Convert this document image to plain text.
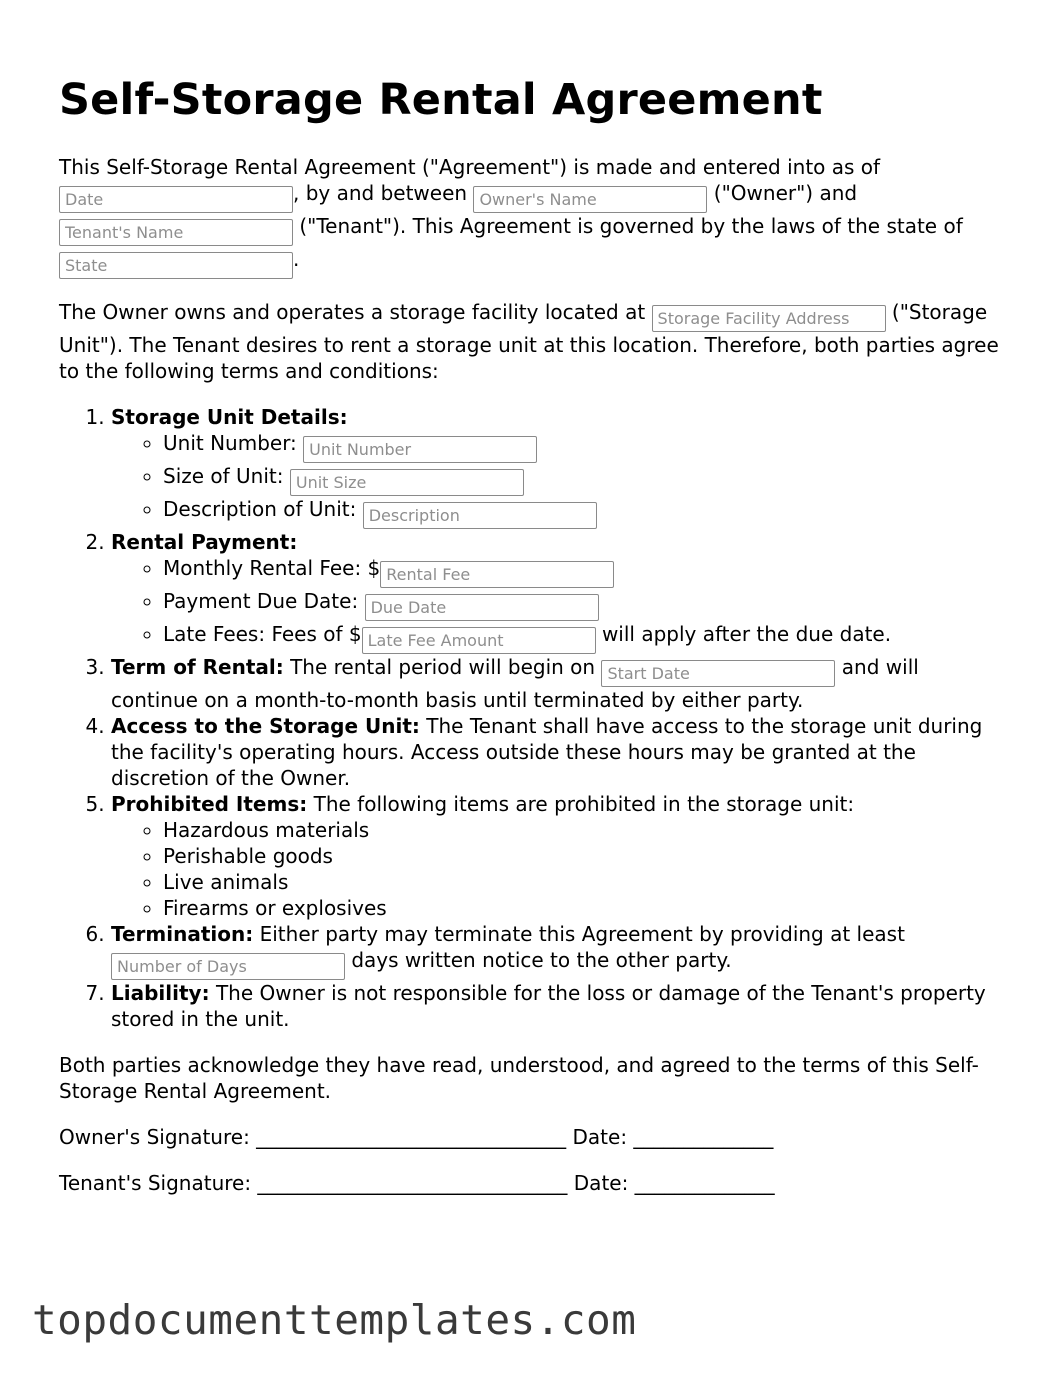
Self-Storage Rental Agreement

This Self-Storage Rental Agreement ("Agreement") is made and entered into as of
Date, by and between Owner's Name	("Owner") and
Tenant's Name ("Tenant"). This Agreement is governed by the laws of the state of
State.

The Owner owns and operates a storage facility located at Storage Facility Address	("Storage Unit"). The Tenant desires to rent a storage unit at this location. Therefore, both parties agree to the following terms and conditions:

1. Storage Unit Details:
◦ Unit Number: Unit Number
◦ Size of Unit: Unit Size
◦ Description of Unit: Description
2. Rental Payment:
◦ Monthly Rental Fee: $Rental Fee
◦ Payment Due Date: Due Date
◦ Late Fees: Fees of $Late Fee Amount	will apply after the due date.
3. Term of Rental: The rental period will begin on Start Date	and will continue on a month-to-month basis until terminated by either party.
4. Access to the Storage Unit: The Tenant shall have access to the storage unit during the facility's operating hours. Access outside these hours may be granted at the discretion of the Owner.
5. Prohibited Items: The following items are prohibited in the storage unit:
◦ Hazardous materials
◦ Perishable goods
◦ Live animals
◦ Firearms or explosives
6. Termination: Either party may terminate this Agreement by providing at least
Number of Days days written notice to the other party.
7. Liability: The Owner is not responsible for the loss or damage of the Tenant's property stored in the unit.

Both parties acknowledge they have read, understood, and agreed to the terms of this Self-Storage Rental Agreement.

Owner's Signature: _______________________________ Date: ______________

Tenant's Signature: _______________________________ Date: ______________

topdocumenttemplates.com
